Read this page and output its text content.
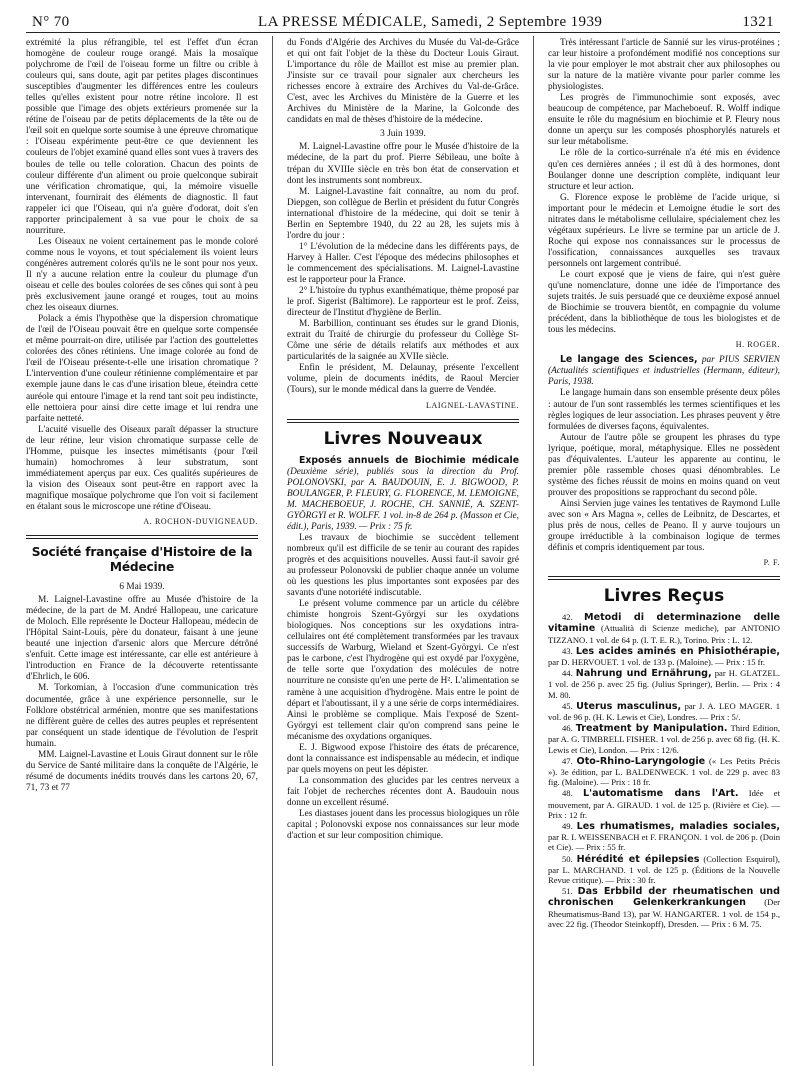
N° 70	LA PRESSE MÉDICALE, Samedi, 2 Septembre 1939	1321

extrémité la plus réfrangible, tel est l'effet d'un écran homogène de couleur rouge orangé. Mais la mosaïque polychrome de l'œil de l'oiseau forme un filtre ou crible à couleurs qui, sans doute, agit par petites plages discontinues susceptibles d'augmenter les différences entre les couleurs telles qu'elles existent pour notre rétine incolore. Il est possible que l'image des objets extérieurs promenée sur la rétine de l'oiseau par de petits déplacements de la tête ou de l'œil soit en quelque sorte soumise à une épreuve chromatique : l'Oiseau expérimente peut-être ce que deviennent les couleurs de l'objet examiné quand elles sont vues à travers des boules de telle ou telle coloration. Chacun des points de couleur différente d'un aliment ou proie quelconque subirait une vérification chromatique, qui, la mémoire visuelle intervenant, fournirait des éléments de diagnostic. Il faut rappeler ici que l'Oiseau, qui n'a guère d'odorat, doit s'en rapporter principalement à sa vue pour le choix de sa nourriture.

Les Oiseaux ne voient certainement pas le monde coloré comme nous le voyons, et tout spécialement ils voient leurs congénères autrement colorés qu'ils ne le sont pour nos yeux. Il n'y a aucune relation entre la couleur du plumage d'un oiseau et celle des boules colorées de ses cônes qui sont à peu près exclusivement jaune orangé et rouges, tout au moins chez les oiseaux diurnes.

Polack a émis l'hypothèse que la dispersion chromatique de l'œil de l'Oiseau pouvait être en quelque sorte compensée et même pourrait-on dire, utilisée par l'action des gouttelettes colorées des cônes rétiniens. Une image colorée au fond de l'œil de l'Oiseau présente-t-elle une irisation chromatique ? L'intervention d'une couleur rétinienne complémentaire et par exemple jaune dans le cas d'une irisation bleue, éteindra cette auréole qui entoure l'image et la rend tant soit peu indistincte, elle nettoiera pour ainsi dire cette image et lui rendra une parfaite netteté.

L'acuité visuelle des Oiseaux paraît dépasser la structure de leur rétine, leur vision chromatique surpasse celle de l'Homme, puisque les insectes mimétisants (pour l'œil humain) homochromes à leur substratum, sont immédiatement aperçus par eux. Ces qualités supérieures de la vision des Oiseaux sont peut-être en rapport avec la magnifique mosaïque polychrome que l'on voit si facilement en étalant sous le microscope une rétine d'Oiseau.

A. ROCHON-DUVIGNEAUD.

Société française d'Histoire de la Médecine

6 Mai 1939.

M. Laignel-Lavastine offre au Musée d'histoire de la médecine, de la part de M. André Hallopeau, une caricature de Moloch. Elle représente le Docteur Hallopeau, médecin de l'Hôpital Saint-Louis, père du donateur, faisant à une jeune beauté une injection d'arsenic alors que Mercure détrôné s'enfuit. Cette image est intéressante, car elle est antérieure à l'introduction en France de la découverte retentissante d'Ehrlich, le 606.

M. Torkomian, à l'occasion d'une communication très documentée, grâce à une expérience personnelle, sur le Folklore obstétrical arménien, montre que ses manifestations ne diffèrent guère de celles des autres peuples et représentent par conséquent un stade identique de l'évolution de l'esprit humain.

MM. Laignel-Lavastine et Louis Giraut donnent sur le rôle du Service de Santé militaire dans la conquête de l'Algérie, le résumé de documents inédits trouvés dans les cartons 20, 67, 71, 73 et 77

du Fonds d'Algérie des Archives du Musée du Val-de-Grâce et qui ont fait l'objet de la thèse du Docteur Louis Giraut. L'importance du rôle de Maillot est mise au premier plan. J'insiste sur ce travail pour signaler aux chercheurs les richesses encore à extraire des Archives du Val-de-Grâce. C'est, avec les Archives du Ministère de la Guerre et les Archives du Ministère de la Marine, la Golconde des candidats en mal de thèses d'histoire de la médecine.

3 Juin 1939.

M. Laignel-Lavastine offre pour le Musée d'histoire de la médecine, de la part du prof. Pierre Sébileau, une boîte à trépan du XVIIIe siècle en très bon état de conservation et dont les instruments sont nombreux.

M. Laignel-Lavastine fait connaître, au nom du prof. Diepgen, son collègue de Berlin et président du futur Congrès international d'histoire de la médecine, qui doit se tenir à Berlin en Septembre 1940, du 22 au 28, les sujets mis à l'ordre du jour :

1° L'évolution de la médecine dans les différents pays, de Harvey à Haller. C'est l'époque des médecins philosophes et le commencement des spécialisations. M. Laignel-Lavastine est le rapporteur pour la France.

2° L'histoire du typhus exanthématique, thème proposé par le prof. Sigerist (Baltimore). Le rapporteur est le prof. Zeiss, directeur de l'Institut d'hygiène de Berlin.

M. Barbillion, continuant ses études sur le grand Dionis, extrait du Traité de chirurgie du professeur du Collège St-Côme une série de détails relatifs aux méthodes et aux particularités de la saignée au XVIIe siècle.

Enfin le président, M. Delaunay, présente l'excellent volume, plein de documents inédits, de Raoul Mercier (Tours), sur le monde médical dans la guerre de Vendée.

LAIGNEL-LAVASTINE.

Livres Nouveaux

Exposés annuels de Biochimie médicale (Deuxième série), publiés sous la direction du Prof. POLONOVSKI, par A. BAUDOUIN, E. J. BIGWOOD, P. BOULANGER, P. FLEURY, G. FLORENCE, M. LEMOIGNE, M. MACHEBOEUF, J. ROCHE, CH. SANNIÉ, A. SZENT-GYÖRGYI et R. WOLFF. 1 vol. in-8 de 264 p. (Masson et Cie, édit.), Paris, 1939. — Prix : 75 fr.

Les travaux de biochimie se succèdent tellement nombreux qu'il est difficile de se tenir au courant des rapides progrès et des acquisitions nouvelles. Aussi faut-il savoir gré au professeur Polonovski de publier chaque année un volume où les questions les plus importantes sont exposées par des savants d'une notoriété indiscutable.

Le présent volume commence par un article du célèbre chimiste hongrois Szent-Györgyi sur les oxydations biologiques. Nos conceptions sur les oxydations intra-cellulaires ont été complètement transformées par les travaux successifs de Warburg, Wieland et Szent-Györgyi. Ce n'est pas le carbone, c'est l'hydrogène qui est oxydé par l'oxygène, de telle sorte que l'oxydation des molécules de notre nourriture ne consiste qu'en une perte de H². L'alimentation se ramène à une acquisition d'hydrogène. Mais entre le point de départ et l'aboutissant, il y a une série de corps intermédiaires. Ainsi le problème se complique. Mais l'exposé de Szent-Györgyi est tellement clair qu'on comprend sans peine le mécanisme des oxydations organiques.

E. J. Bigwood expose l'histoire des états de précarence, dont la connaissance est indispensable au médecin, et indique par quels moyens on peut les dépister.

La consommation des glucides par les centres nerveux a fait l'objet de recherches récentes dont A. Baudouin nous donne un excellent résumé.

Les diastases jouent dans les processus biologiques un rôle capital ; Polonovski expose nos connaissances sur leur mode d'action et sur leur composition chimique.

Très intéressant l'article de Sannié sur les virus-protéines ; car leur histoire a profondément modifié nos conceptions sur la vie pour employer le mot abstrait cher aux philosophes ou sur la nature de la matière vivante pour parler comme les physiologistes.

Les progrès de l'immunochimie sont exposés, avec beaucoup de compétence, par Macheboeuf. R. Wolff indique ensuite le rôle du magnésium en biochimie et P. Fleury nous donne un aperçu sur les composés phosphorylés naturels et sur leur métabolisme.

Le rôle de la cortico-surrénale n'a été mis en évidence qu'en ces dernières années ; il est dû à des hormones, dont Boulanger donne une description complète, indiquant leur structure et leur action.

G. Florence expose le problème de l'acide urique, si important pour le médecin et Lemoigne étudie le sort des nitrates dans le métabolisme cellulaire, spécialement chez les végétaux supérieurs. Le livre se termine par un article de J. Roche qui expose nos connaissances sur le processus de l'ossification, connaissances auxquelles ses travaux personnels ont largement contribué.

Le court exposé que je viens de faire, qui n'est guère qu'une nomenclature, donne une idée de l'importance des sujets traités. Je suis persuadé que ce deuxième exposé annuel de Biochimie se trouvera bientôt, en compagnie du volume précédent, dans la bibliothèque de tous les biologistes et de tous les médecins.

H. ROGER.

Le langage des Sciences, par PIUS SERVIEN (Actualités scientifiques et industrielles (Hermann, éditeur), Paris, 1938.

Le langage humain dans son ensemble présente deux pôles : autour de l'un sont rassemblés les termes scientifiques et les règles logiques de leur association. Les phrases peuvent y être formulées de diverses façons, équivalentes.

Autour de l'autre pôle se groupent les phrases du type lyrique, poétique, moral, métaphysique. Elles ne possèdent pas d'équivalentes. L'auteur les apparente au continu, le premier pôle rassemble choses quasi dénombrables. Le système des fiches réussit de moins en moins quand on veut prouver des propositions se rapprochant du second pôle.

Ainsi Servien juge vaines les tentatives de Raymond Lulle avec son « Ars Magna », celles de Leibnitz, de Descartes, et plus près de nous, celles de Peano. Il y aurve toujours un groupe irréductible à la combinaison logique de termes définis et compris identiquement par tous.

P. F.

Livres Reçus

42. Metodi di determinazione delle vitamine (Attualità di Scienze mediche), par ANTONIO TIZZANO. 1 vol. de 64 p. (I. T. E. R.), Torino. Prix : L. 12.
43. Les acides aminés en Phisiothérapie, par D. HERVOUET. 1 vol. de 133 p. (Maloine). — Prix : 15 fr.
44. Nahrung und Ernährung, par H. GLATZEL. 1 vol. de 256 p. avec 25 fig. (Julius Springer), Berlin. — Prix : 4 M. 80.
45. Uterus masculinus, par J. A. LEO MAGER. 1 vol. de 96 p. (H. K. Lewis et Cie), Londres. — Prix : 5/.
46. Treatment by Manipulation. Third Edition, par A. G. TIMBRELL FISHER. 1 vol. de 256 p. avec 68 fig. (H. K. Lewis et Cie), London. — Prix : 12/6.
47. Oto-Rhino-Laryngologie (« Les Petits Précis »). 3e édition, par L. BALDENWECK. 1 vol. de 229 p. avec 83 fig. (Maloine). — Prix : 18 fr.
48. L'automatisme dans l'Art. Idée et mouvement, par A. GIRAUD. 1 vol. de 125 p. (Rivière et Cie). — Prix : 12 fr.
49. Les rhumatismes, maladies sociales, par R. I. WEISSENBACH et F. FRANÇON. 1 vol. de 206 p. (Doin et Cie). — Prix : 55 fr.
50. Hérédité et épilepsies (Collection Esquirol), par L. MARCHAND. 1 vol. de 125 p. (Éditions de la Nouvelle Revue critique). — Prix : 30 fr.
51. Das Erbbild der rheumatischen und chronischen Gelenkerkrankungen (Der Rheumatismus-Band 13), par W. HANGARTER. 1 vol. de 154 p., avec 22 fig. (Theodor Steinkopff), Dresden. — Prix : 6 M. 75.
